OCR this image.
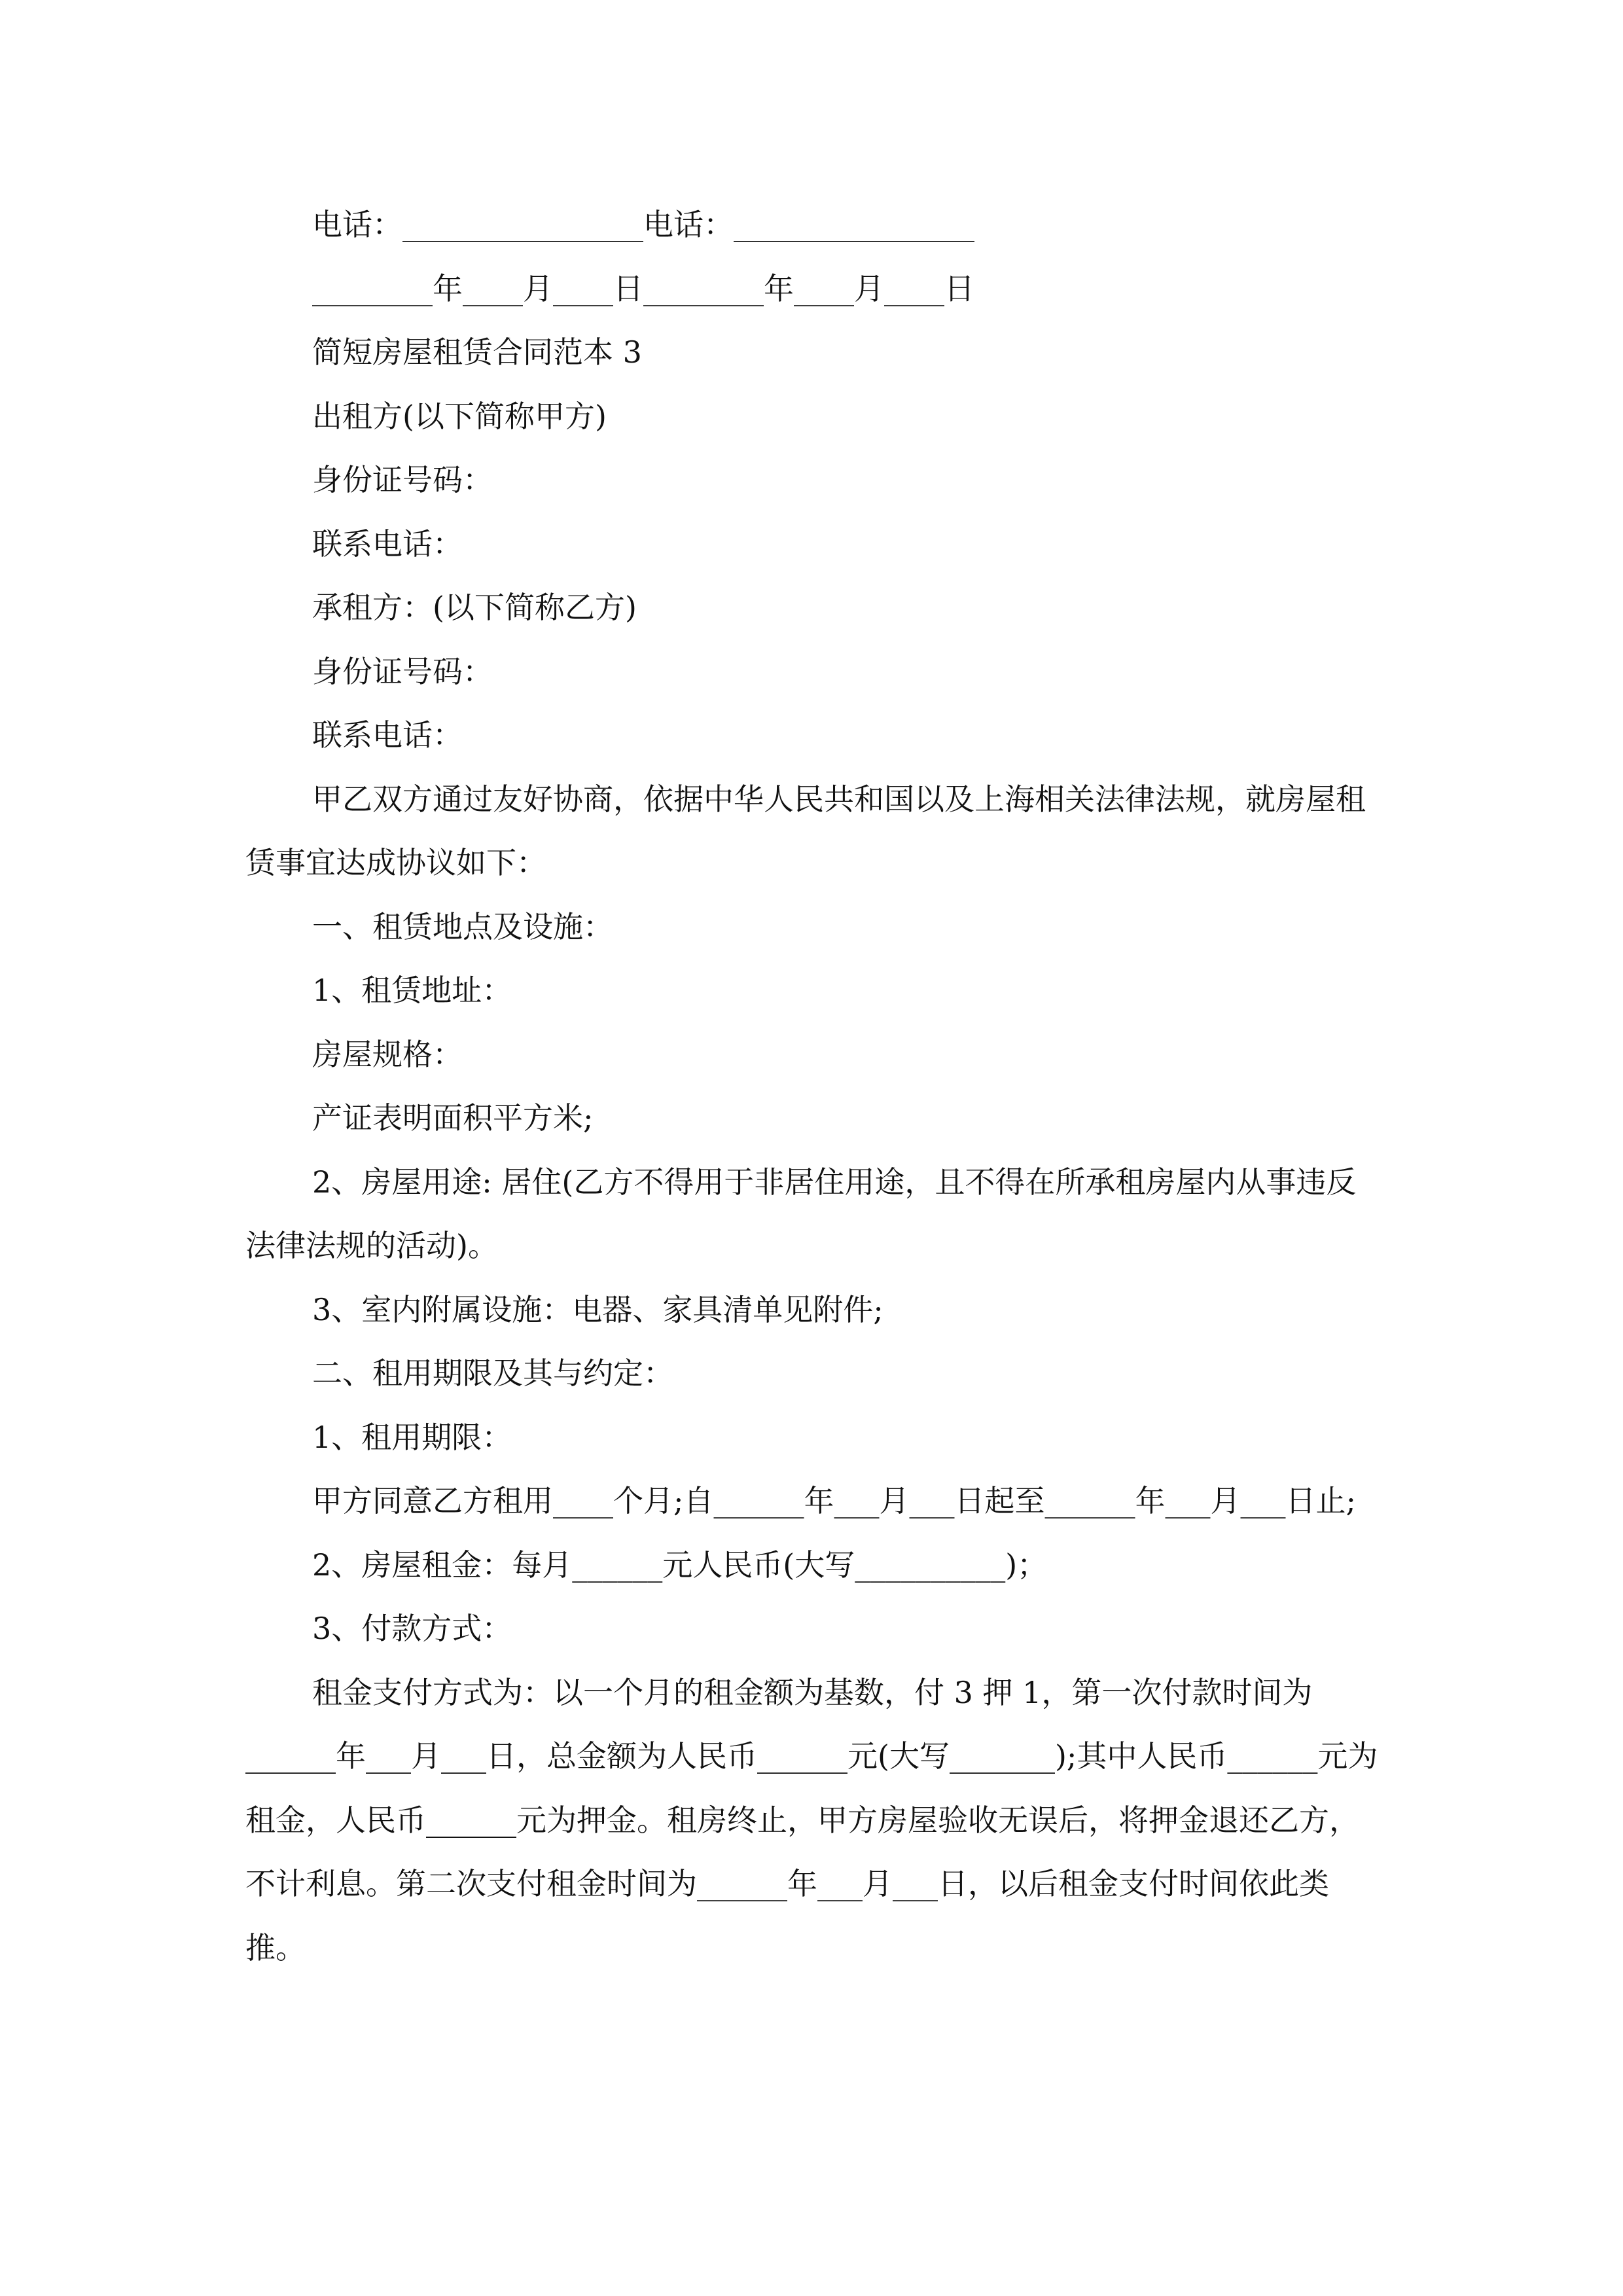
电话：________________电话：________________

________年____月____日________年____月____日

简短房屋租赁合同范本 3

出租方(以下简称甲方)

身份证号码：

联系电话：

承租方：(以下简称乙方)

身份证号码：

联系电话：

甲乙双方通过友好协商，依据中华人民共和国以及上海相关法律法规，就房屋租赁事宜达成协议如下：

一、租赁地点及设施：

1、租赁地址：

房屋规格：

产证表明面积平方米;

2、房屋用途: 居住(乙方不得用于非居住用途，且不得在所承租房屋内从事违反法律法规的活动)。

3、室内附属设施：电器、家具清单见附件;

二、租用期限及其与约定：

1、租用期限：

甲方同意乙方租用____个月;自______年___月___日起至______年___月___日止;

2、房屋租金：每月______元人民币(大写__________)；

3、付款方式：

租金支付方式为：以一个月的租金额为基数，付 3 押 1，第一次付款时间为______年___月___日，总金额为人民币______元(大写_______);其中人民币______元为租金，人民币______元为押金。租房终止，甲方房屋验收无误后，将押金退还乙方，不计利息。第二次支付租金时间为______年___月___日，以后租金支付时间依此类推。
